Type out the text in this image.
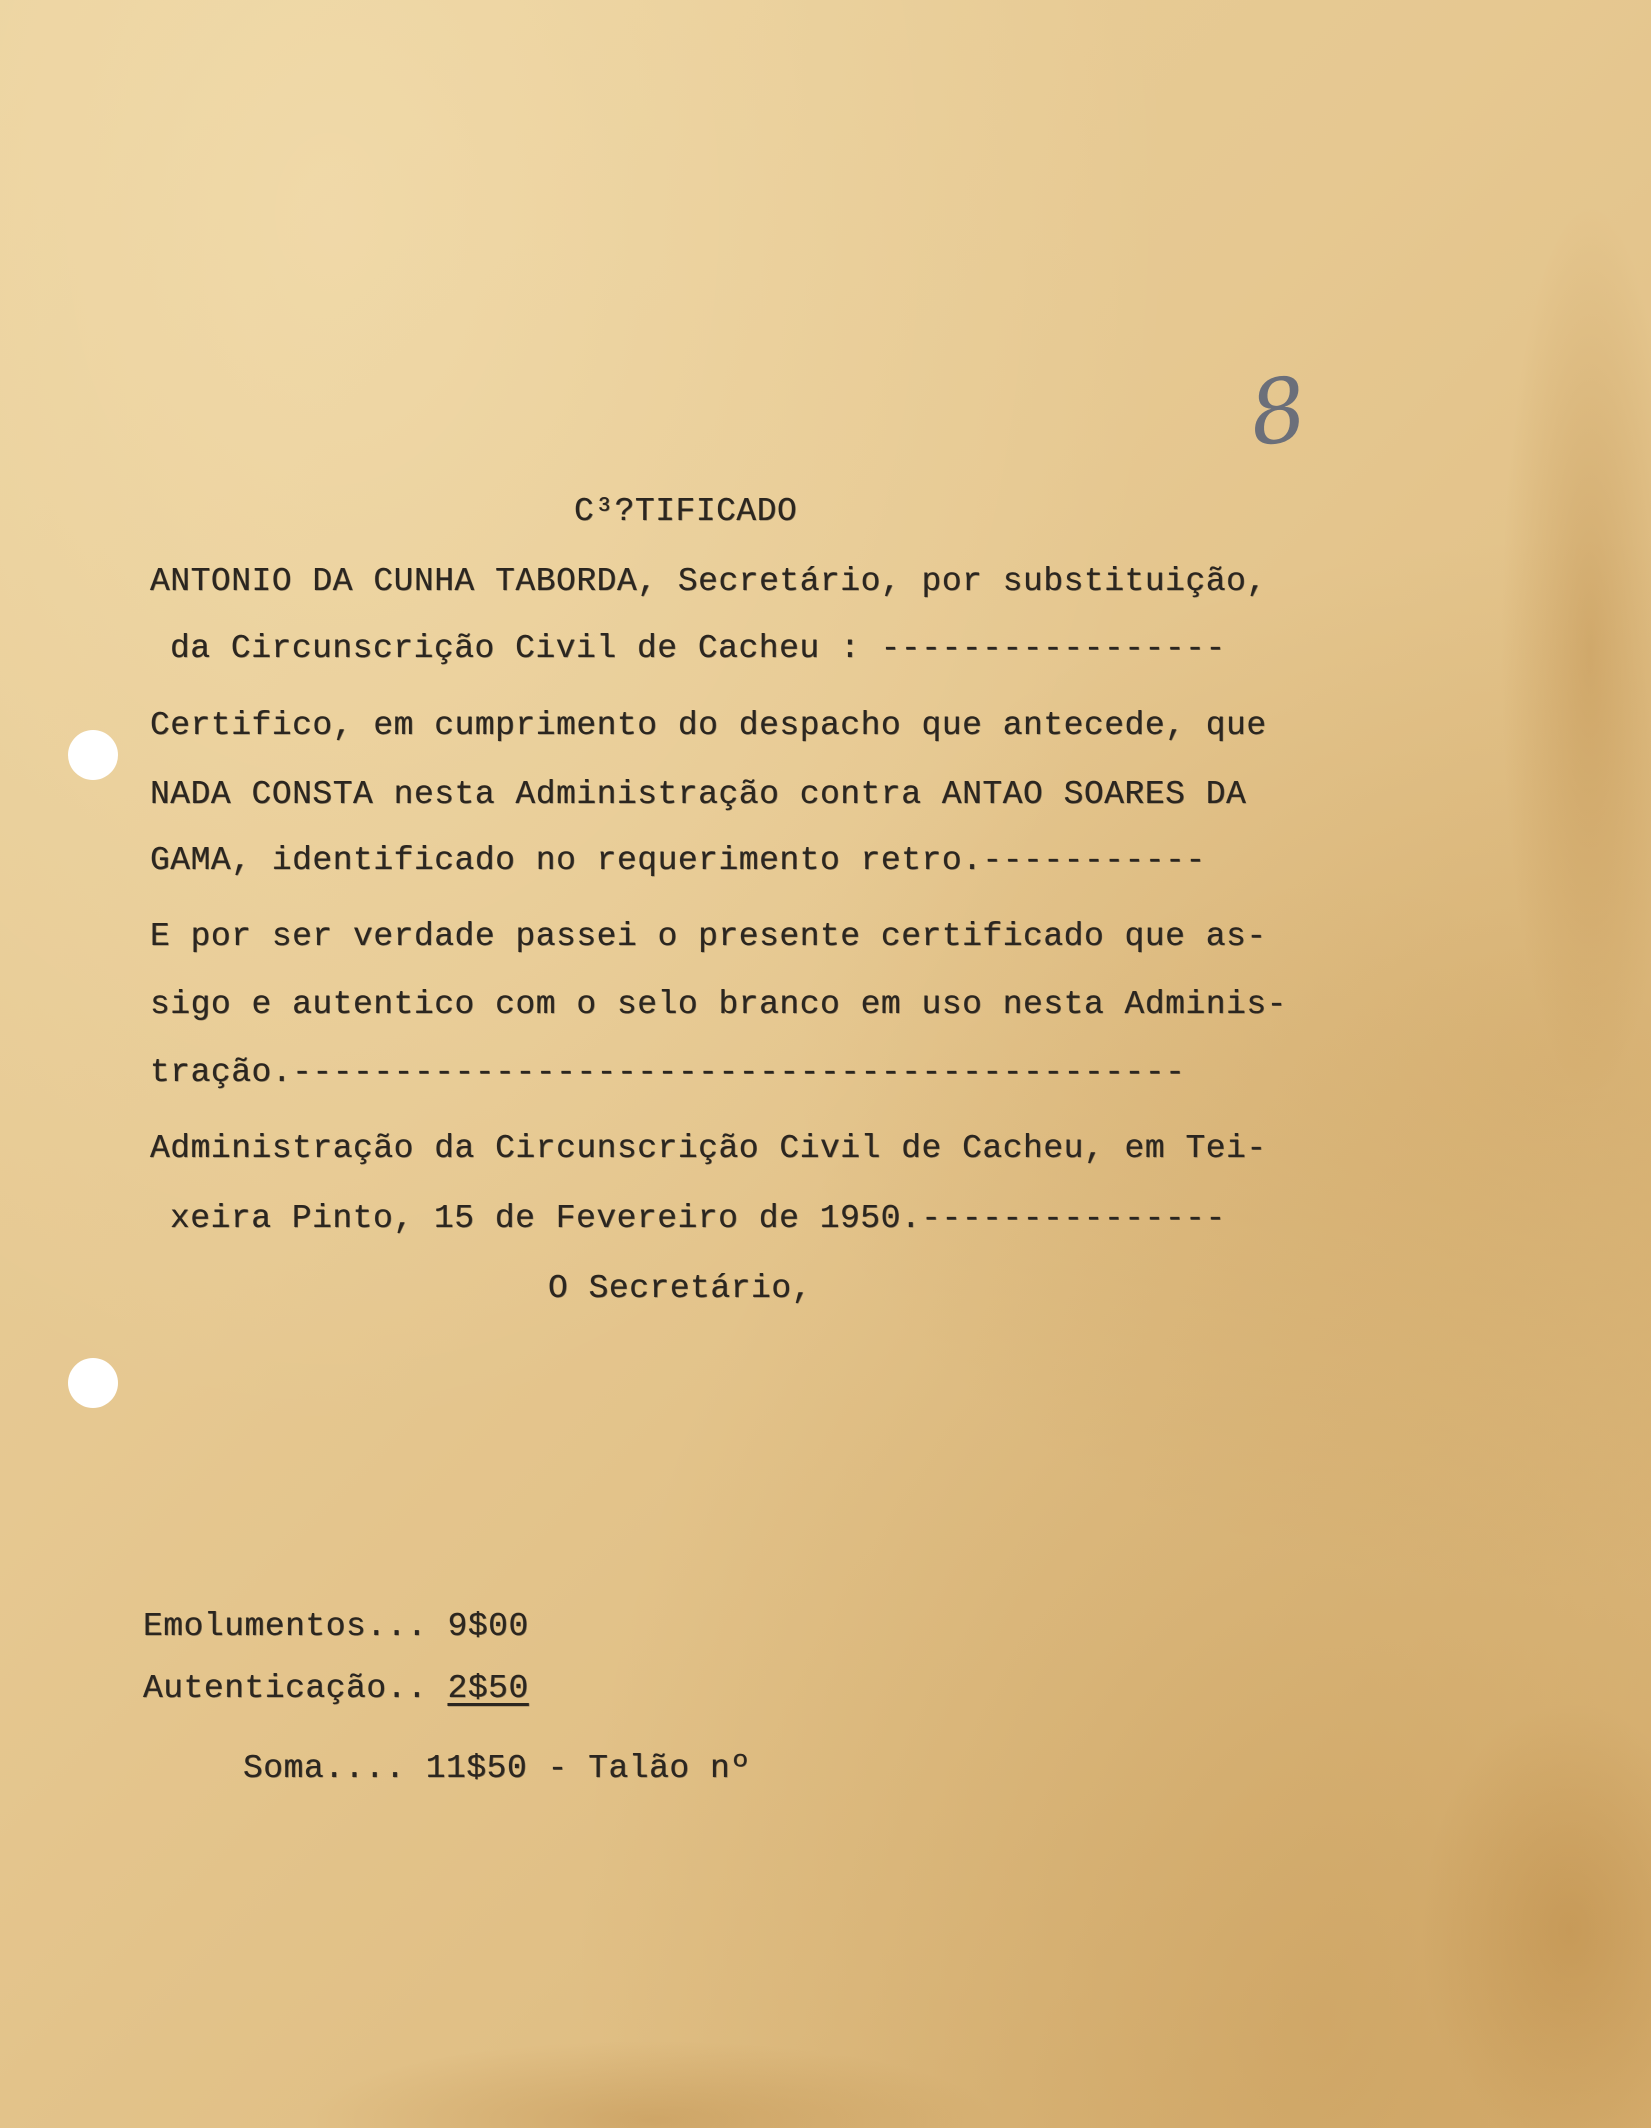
8
C³?TIFICADO
ANTONIO DA CUNHA TABORDA, Secretário, por substituição,
da Circunscrição Civil de Cacheu : -----------------
Certifico, em cumprimento do despacho que antecede, que
NADA CONSTA nesta Administração contra ANTAO SOARES DA
GAMA, identificado no requerimento retro.-----------
E por ser verdade passei o presente certificado que as-
sigo e autentico com o selo branco em uso nesta Adminis-
tração.--------------------------------------------
Administração da Circunscrição Civil de Cacheu, em Tei-
xeira Pinto, 15 de Fevereiro de 1950.---------------
O Secretário,
Emolumentos... 9$00
Autenticação.. 2$50
Soma.... 11$50 - Talão nº
